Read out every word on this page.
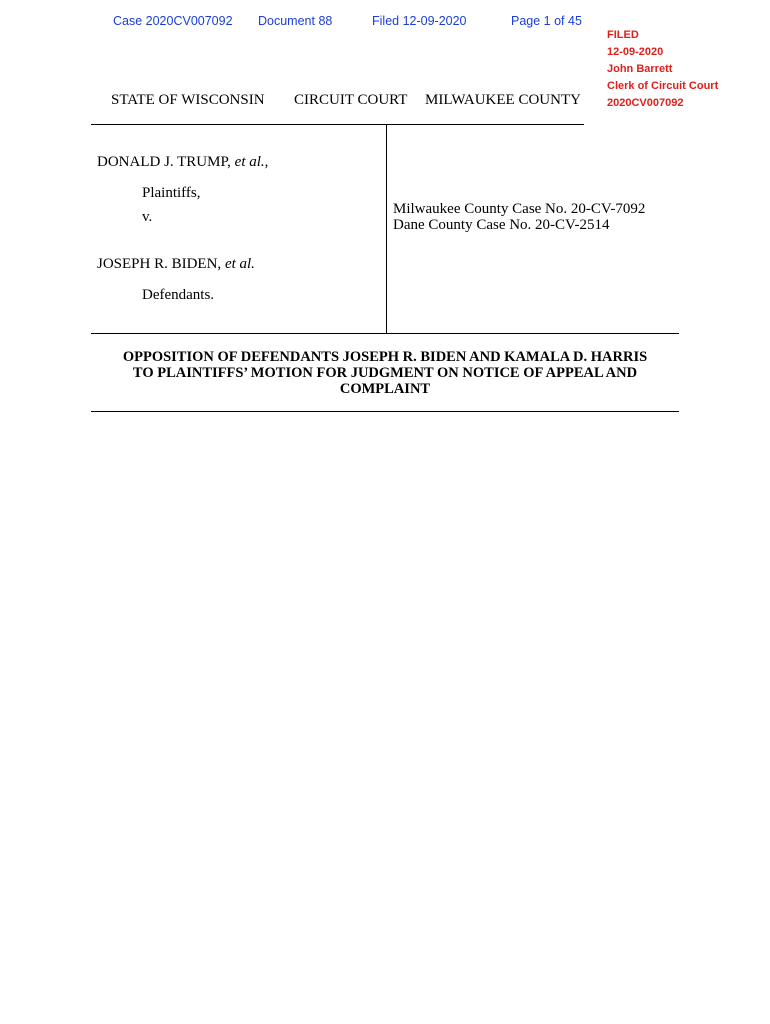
Case 2020CV007092 Document 88	Filed 12-09-2020	Page 1 of 45
FILED
12-09-2020
John Barrett
Clerk of Circuit Court
2020CV007092
STATE OF WISCONSIN CIRCUIT COURT MILWAUKEE COUNTY
DONALD J. TRUMP, et al.,
Plaintiffs,
v.
JOSEPH R. BIDEN, et al.
Defendants.
Milwaukee County Case No. 20-CV-7092
Dane County Case No. 20-CV-2514
OPPOSITION OF DEFENDANTS JOSEPH R. BIDEN AND KAMALA D. HARRIS
TO PLAINTIFFS’ MOTION FOR JUDGMENT ON NOTICE OF APPEAL AND
COMPLAINT
